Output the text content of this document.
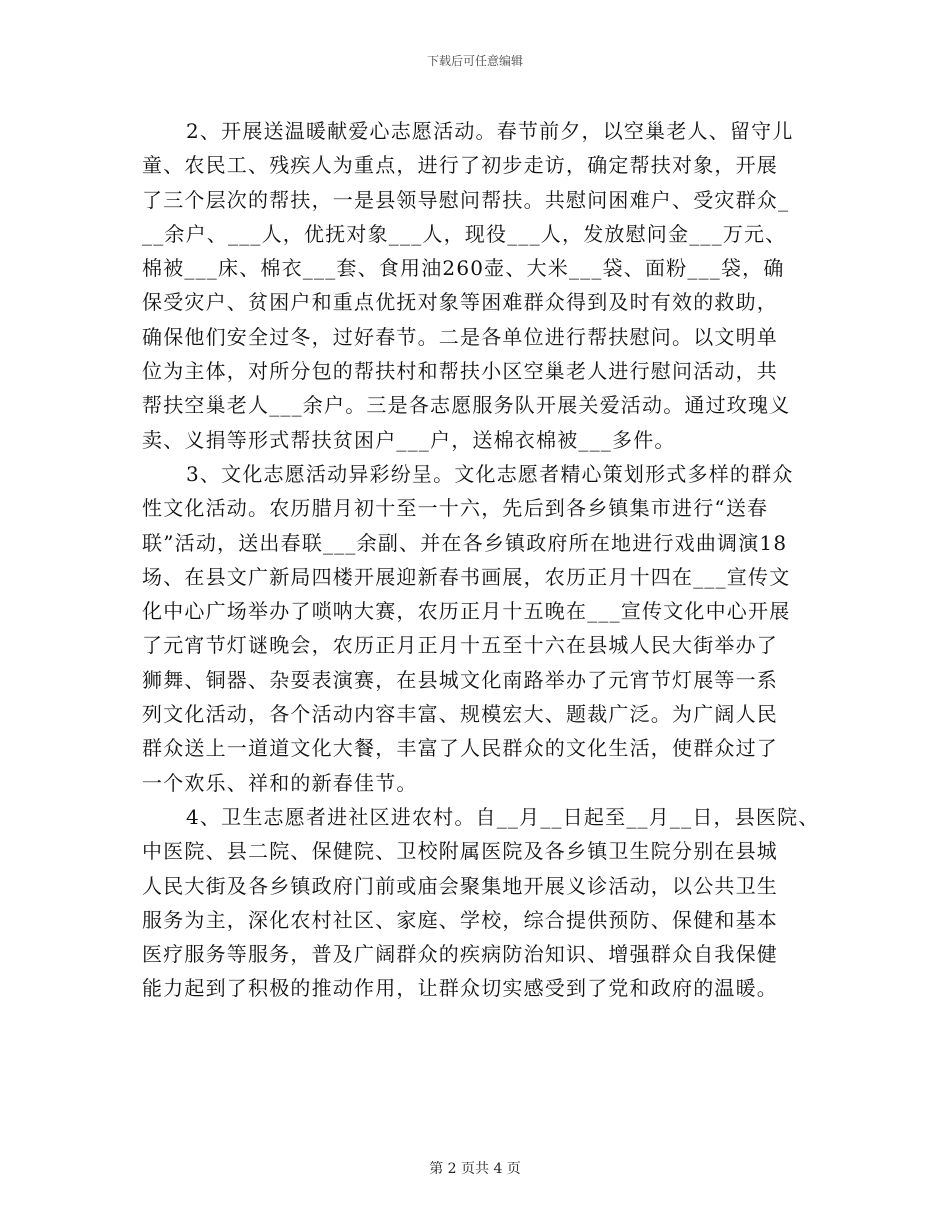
下载后可任意编辑
2、开展送温暖献爱心志愿活动。春节前夕，以空巢老人、留守儿
童、农民工、残疾人为重点，进行了初步走访，确定帮扶对象，开展
了三个层次的帮扶，一是县领导慰问帮扶。共慰问困难户、受灾群众_
__余户、___人，优抚对象___人，现役___人，发放慰问金___万元、
棉被___床、棉衣___套、食用油260壶、大米___袋、面粉___袋，确
保受灾户、贫困户和重点优抚对象等困难群众得到及时有效的救助，
确保他们安全过冬，过好春节。二是各单位进行帮扶慰问。以文明单
位为主体，对所分包的帮扶村和帮扶小区空巢老人进行慰问活动，共
帮扶空巢老人___余户。三是各志愿服务队开展关爱活动。通过玫瑰义
卖、义捐等形式帮扶贫困户___户，送棉衣棉被___多件。
3、文化志愿活动异彩纷呈。文化志愿者精心策划形式多样的群众
性文化活动。农历腊月初十至一十六，先后到各乡镇集市进行“送春
联”活动，送出春联___余副、并在各乡镇政府所在地进行戏曲调演18
场、在县文广新局四楼开展迎新春书画展，农历正月十四在___宣传文
化中心广场举办了唢呐大赛，农历正月十五晚在___宣传文化中心开展
了元宵节灯谜晚会，农历正月正月十五至十六在县城人民大街举办了
狮舞、铜器、杂耍表演赛，在县城文化南路举办了元宵节灯展等一系
列文化活动，各个活动内容丰富、规模宏大、题裁广泛。为广阔人民
群众送上一道道文化大餐，丰富了人民群众的文化生活，使群众过了
一个欢乐、祥和的新春佳节。
4、卫生志愿者进社区进农村。自__月__日起至__月__日，县医院、
中医院、县二院、保健院、卫校附属医院及各乡镇卫生院分别在县城
人民大街及各乡镇政府门前或庙会聚集地开展义诊活动，以公共卫生
服务为主，深化农村社区、家庭、学校，综合提供预防、保健和基本
医疗服务等服务，普及广阔群众的疾病防治知识、增强群众自我保健
能力起到了积极的推动作用，让群众切实感受到了党和政府的温暖。
第 2 页共 4 页
